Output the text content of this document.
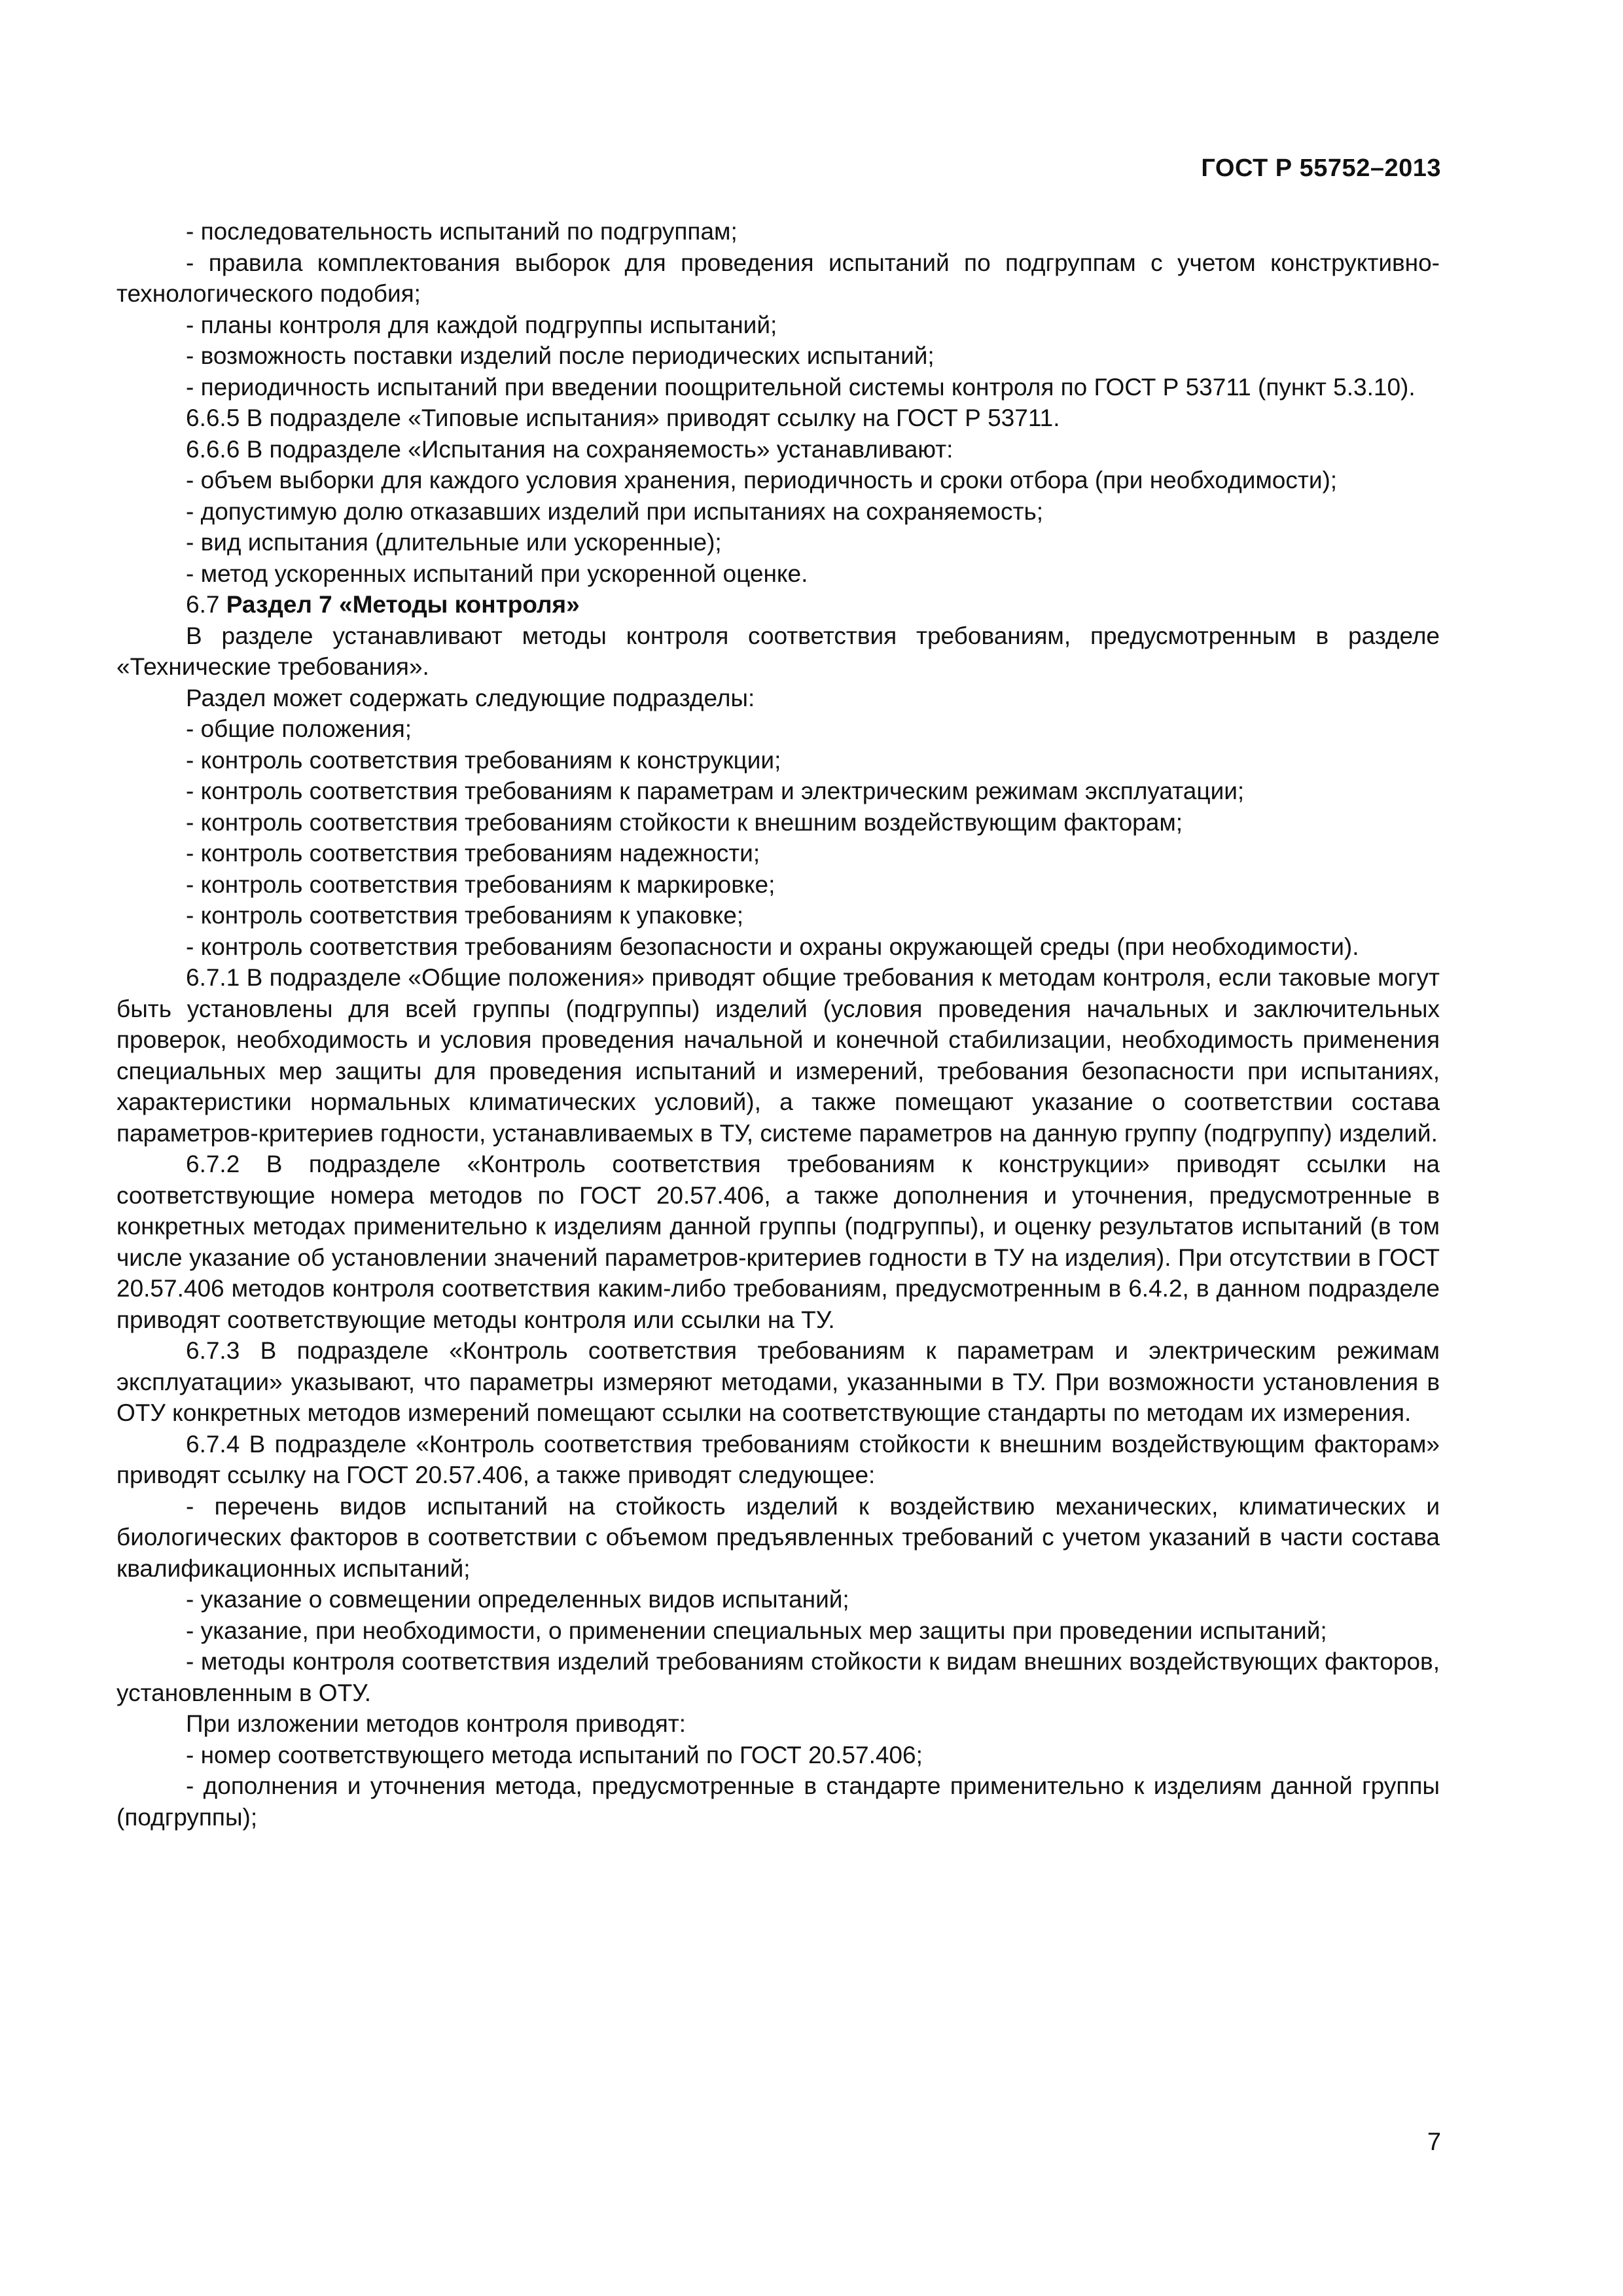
ГОСТ Р 55752–2013
- последовательность испытаний по подгруппам;
- правила комплектования выборок для проведения испытаний по подгруппам с учетом конструктивно-технологического подобия;
- планы контроля для каждой подгруппы испытаний;
- возможность поставки изделий после периодических испытаний;
- периодичность испытаний при введении поощрительной системы контроля по ГОСТ Р 53711 (пункт 5.3.10).
6.6.5 В подразделе «Типовые испытания» приводят ссылку на ГОСТ Р 53711.
6.6.6 В подразделе «Испытания на сохраняемость» устанавливают:
- объем выборки для каждого условия хранения, периодичность и сроки отбора (при необходимости);
- допустимую долю отказавших изделий при испытаниях на сохраняемость;
- вид испытания (длительные или ускоренные);
- метод ускоренных испытаний при ускоренной оценке.
6.7 Раздел 7 «Методы контроля»
В разделе устанавливают методы контроля соответствия требованиям, предусмотренным в разделе «Технические требования».
Раздел может содержать следующие подразделы:
- общие положения;
- контроль соответствия требованиям к конструкции;
- контроль соответствия требованиям к параметрам и электрическим режимам эксплуатации;
- контроль соответствия требованиям стойкости к внешним воздействующим факторам;
- контроль соответствия требованиям надежности;
- контроль соответствия требованиям к маркировке;
- контроль соответствия требованиям к упаковке;
- контроль соответствия требованиям безопасности и охраны окружающей среды (при необходимости).
6.7.1 В подразделе «Общие положения» приводят общие требования к методам контроля, если таковые могут быть установлены для всей группы (подгруппы) изделий (условия проведения начальных и заключительных проверок, необходимость и условия проведения начальной и конечной стабилизации, необходимость применения специальных мер защиты для проведения испытаний и измерений, требования безопасности при испытаниях, характеристики нормальных климатических условий), а также помещают указание о соответствии состава параметров-критериев годности, устанавливаемых в ТУ, системе параметров на данную группу (подгруппу) изделий.
6.7.2 В подразделе «Контроль соответствия требованиям к конструкции» приводят ссылки на соответствующие номера методов по ГОСТ 20.57.406, а также дополнения и уточнения, предусмотренные в конкретных методах применительно к изделиям данной группы (подгруппы), и оценку результатов испытаний (в том числе указание об установлении значений параметров-критериев годности в ТУ на изделия). При отсутствии в ГОСТ 20.57.406 методов контроля соответствия каким-либо требованиям, предусмотренным в 6.4.2, в данном подразделе приводят соответствующие методы контроля или ссылки на ТУ.
6.7.3 В подразделе «Контроль соответствия требованиям к параметрам и электрическим режимам эксплуатации» указывают, что параметры измеряют методами, указанными в ТУ. При возможности установления в ОТУ конкретных методов измерений помещают ссылки на соответствующие стандарты по методам их измерения.
6.7.4 В подразделе «Контроль соответствия требованиям стойкости к внешним воздействующим факторам» приводят ссылку на ГОСТ 20.57.406, а также приводят следующее:
- перечень видов испытаний на стойкость изделий к воздействию механических, климатических и биологических факторов в соответствии с объемом предъявленных требований с учетом указаний в части состава квалификационных испытаний;
- указание о совмещении определенных видов испытаний;
- указание, при необходимости, о применении специальных мер защиты при проведении испытаний;
- методы контроля соответствия изделий требованиям стойкости к видам внешних воздействующих факторов, установленным в ОТУ.
При изложении методов контроля приводят:
- номер соответствующего метода испытаний по ГОСТ 20.57.406;
- дополнения и уточнения метода, предусмотренные в стандарте применительно к изделиям данной группы (подгруппы);
7
